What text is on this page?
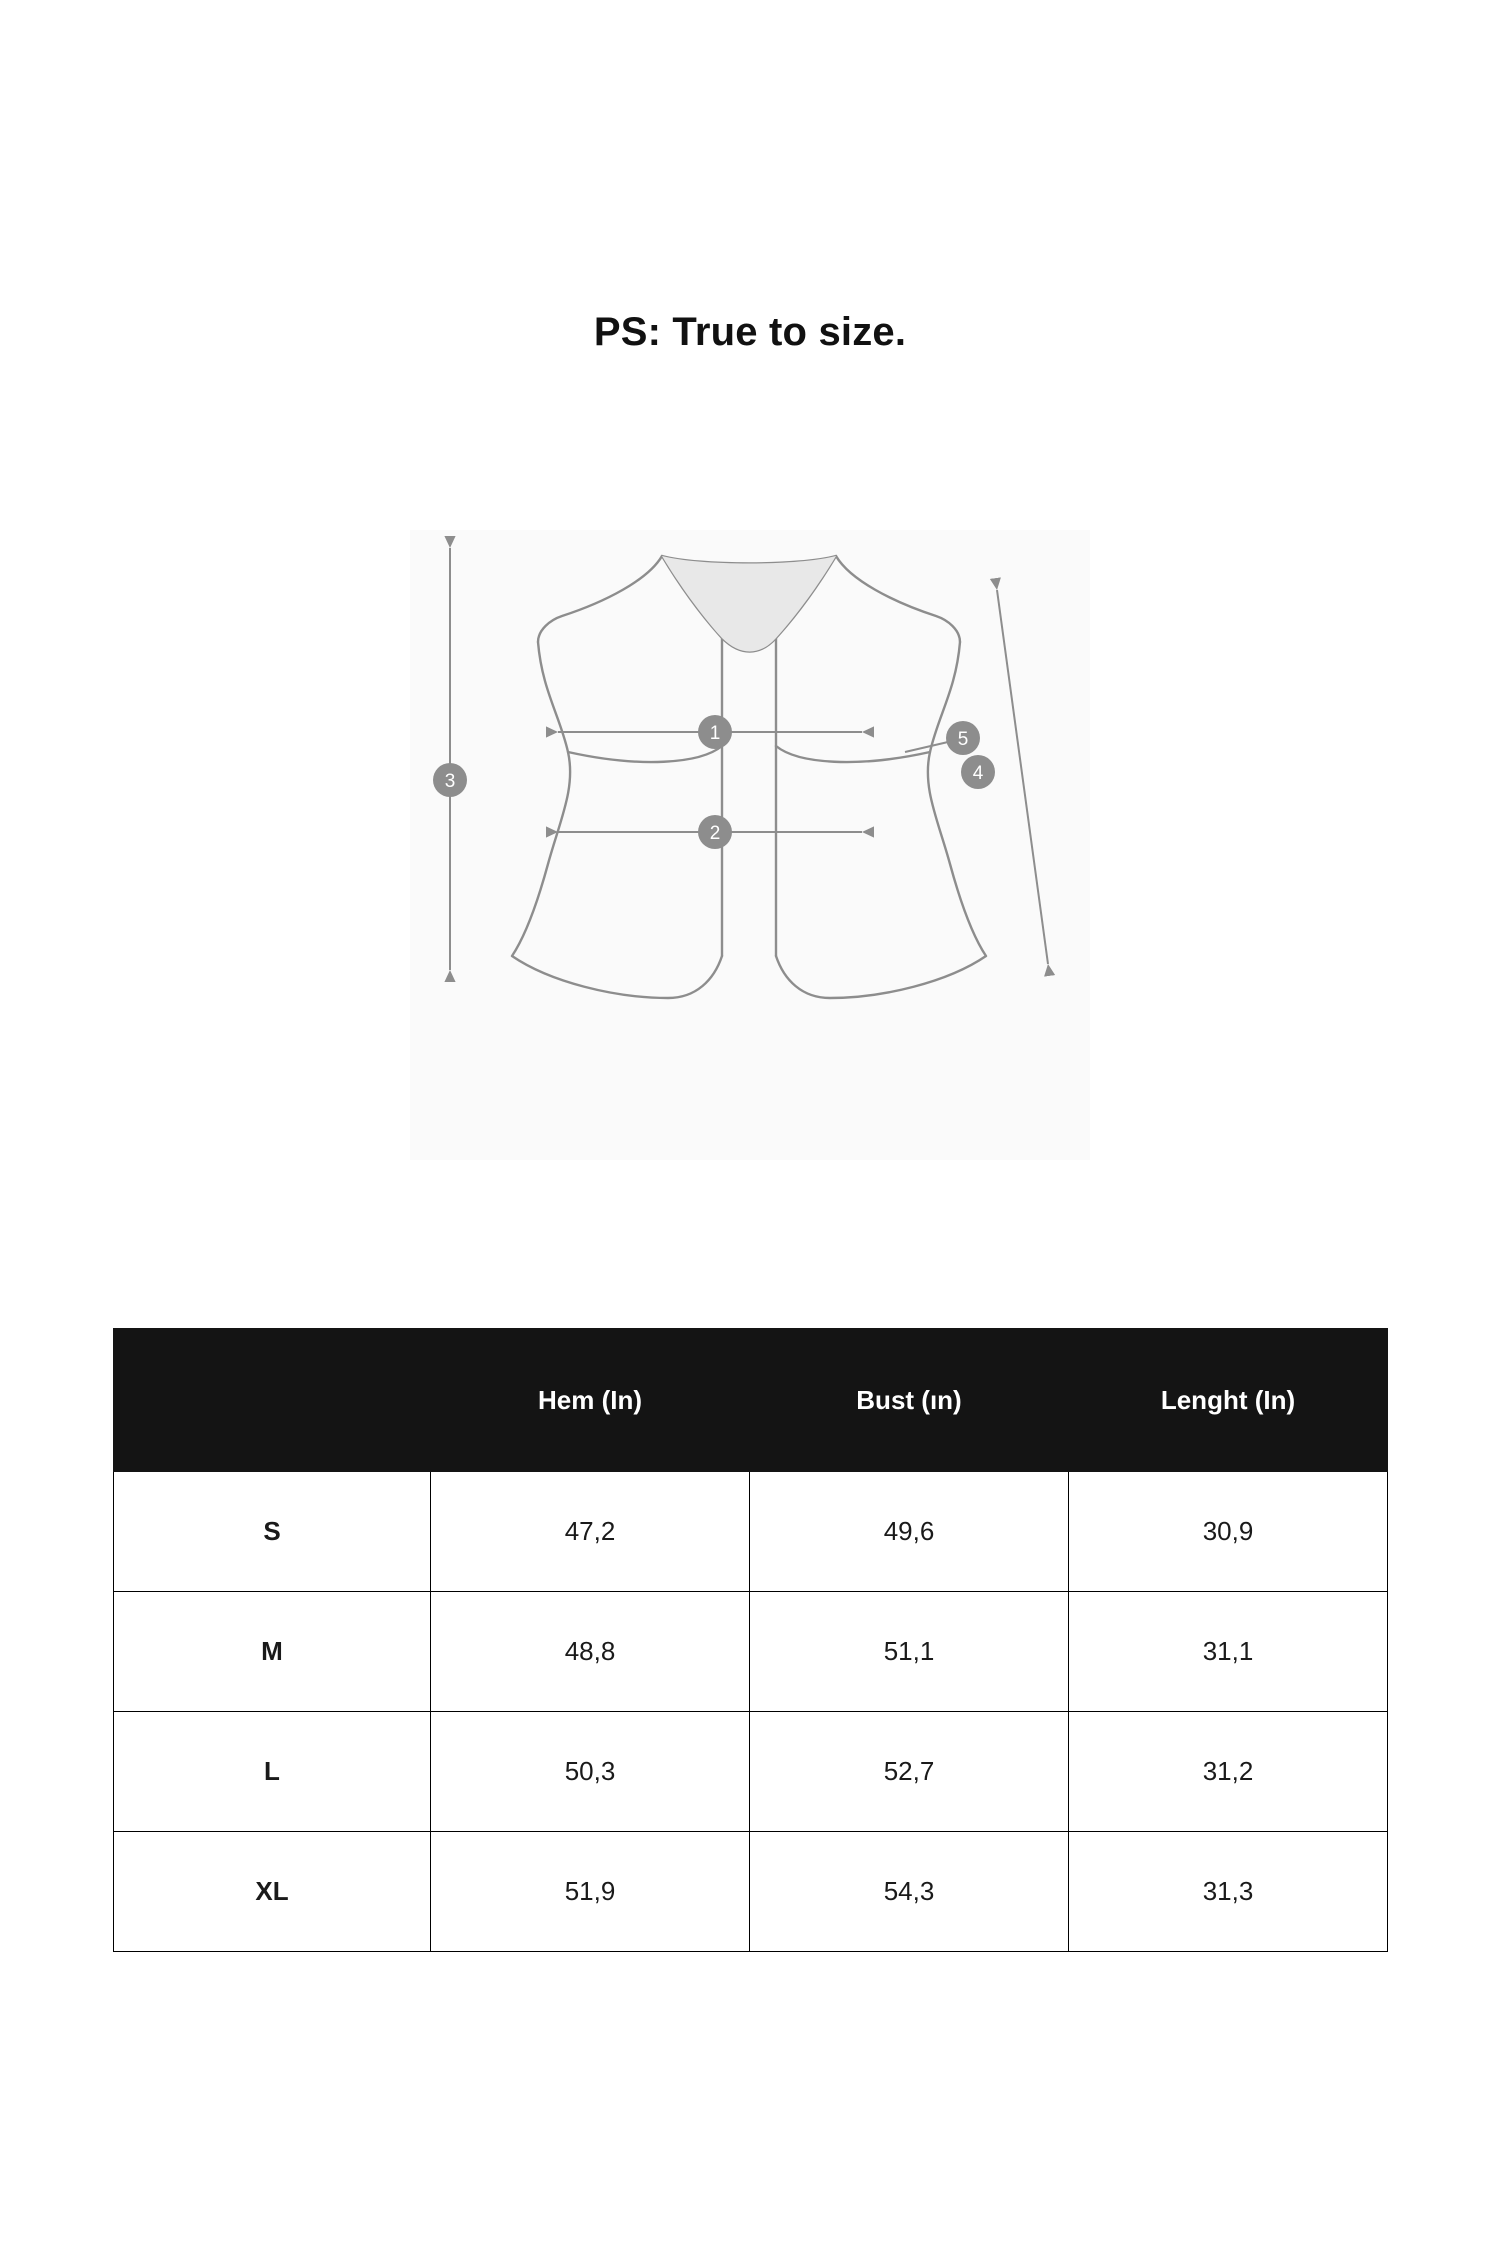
PS: True to size.
1
2
3	4
5
	Hem (In)	Bust (ın)	Lenght (In)
S	47,2	49,6	30,9
M	48,8	51,1	31,1
L	50,3	52,7	31,2
XL	51,9	54,3	31,3
